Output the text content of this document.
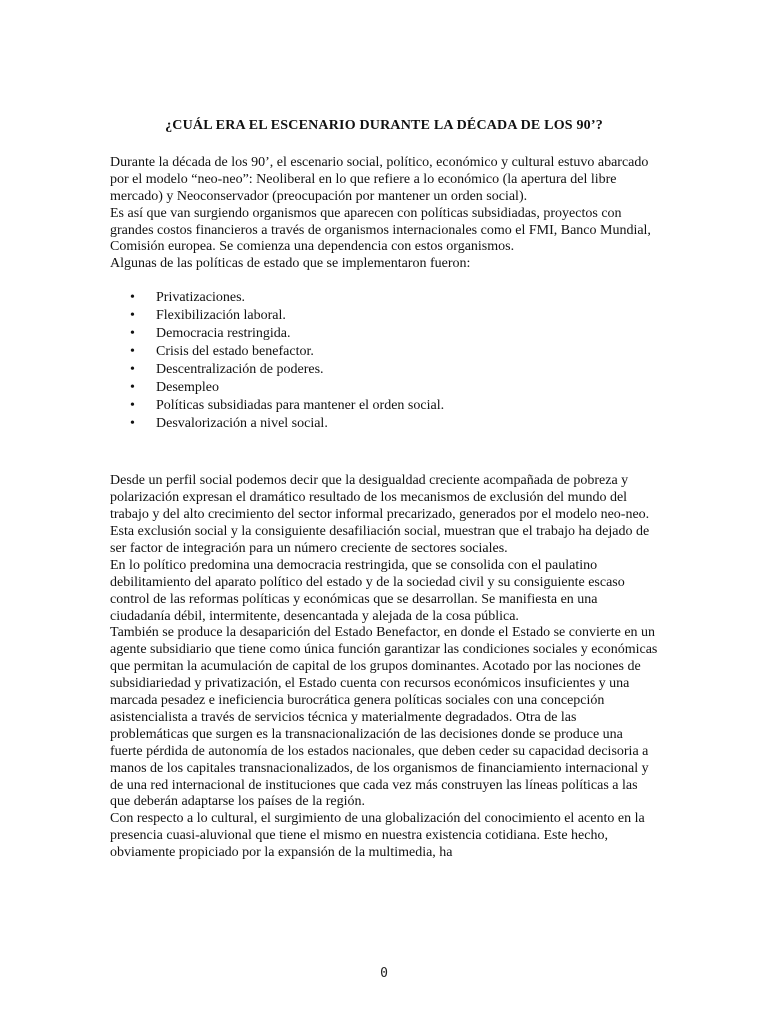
¿CUÁL ERA EL ESCENARIO DURANTE LA DÉCADA DE LOS 90’?

Durante la década de los 90’, el escenario social, político, económico y cultural estuvo abarcado por el modelo “neo-neo”: Neoliberal en lo que refiere a lo económico (la apertura del libre mercado) y Neoconservador (preocupación por mantener un orden social).

Es así que van surgiendo organismos que aparecen con políticas subsidiadas, proyectos con grandes costos financieros a través de organismos internacionales como el FMI, Banco Mundial, Comisión europea. Se comienza una dependencia con estos organismos.

Algunas de las políticas de estado que se implementaron fueron:

• Privatizaciones.
• Flexibilización laboral.
• Democracia restringida.
• Crisis del estado benefactor.
• Descentralización de poderes.
• Desempleo
• Políticas subsidiadas para mantener el orden social.
• Desvalorización a nivel social.

Desde un perfil social podemos decir que la desigualdad creciente acompañada de pobreza y polarización expresan el dramático resultado de los mecanismos de exclusión del mundo del trabajo y del alto crecimiento del sector informal precarizado, generados por el modelo neo-neo.

Esta exclusión social y la consiguiente desafiliación social, muestran que el trabajo ha dejado de ser factor de integración para un número creciente de sectores sociales.

En lo político predomina una democracia restringida, que se consolida con el paulatino debilitamiento del aparato político del estado y de la sociedad civil y su consiguiente escaso control de las reformas políticas y económicas que se desarrollan. Se manifiesta en una ciudadanía débil, intermitente, desencantada y alejada de la cosa pública.

También se produce la desaparición del Estado Benefactor, en donde el Estado se convierte en un agente subsidiario que tiene como única función garantizar las condiciones sociales y económicas que permitan la acumulación de capital de los grupos dominantes. Acotado por las nociones de subsidiariedad y privatización, el Estado cuenta con recursos económicos insuficientes y una marcada pesadez e ineficiencia burocrática genera políticas sociales con una concepción asistencialista a través de servicios técnica y materialmente degradados. Otra de las problemáticas que surgen es la transnacionalización de las decisiones donde se produce una fuerte pérdida de autonomía de los estados nacionales, que deben ceder su capacidad decisoria a manos de los capitales transnacionalizados, de los organismos de financiamiento internacional y de una red internacional de instituciones que cada vez más construyen las líneas políticas a las que deberán adaptarse los países de la región.

Con respecto a lo cultural, el surgimiento de una globalización del conocimiento el acento en la presencia cuasi-aluvional que tiene el mismo en nuestra existencia cotidiana. Este hecho, obviamente propiciado por la expansión de la multimedia, ha

0
